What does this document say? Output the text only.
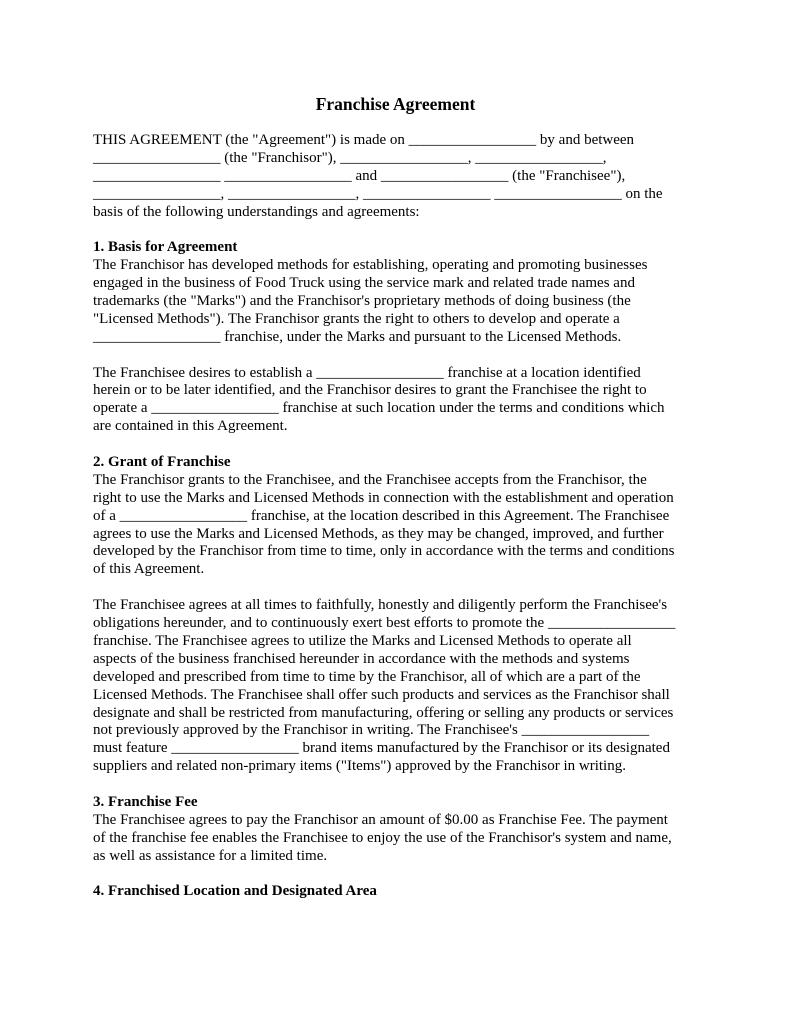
Franchise Agreement
THIS AGREEMENT (the "Agreement") is made on _________________ by and between
_________________ (the "Franchisor"), _________________, _________________,
_________________ _________________ and _________________ (the "Franchisee"),
_________________, _________________, _________________ _________________ on the
basis of the following understandings and agreements:
1. Basis for Agreement
The Franchisor has developed methods for establishing, operating and promoting businesses
engaged in the business of Food Truck using the service mark and related trade names and
trademarks (the "Marks") and the Franchisor's proprietary methods of doing business (the
"Licensed Methods"). The Franchisor grants the right to others to develop and operate a
_________________ franchise, under the Marks and pursuant to the Licensed Methods.
The Franchisee desires to establish a _________________ franchise at a location identified
herein or to be later identified, and the Franchisor desires to grant the Franchisee the right to
operate a _________________ franchise at such location under the terms and conditions which
are contained in this Agreement.
2. Grant of Franchise
The Franchisor grants to the Franchisee, and the Franchisee accepts from the Franchisor, the
right to use the Marks and Licensed Methods in connection with the establishment and operation
of a _________________ franchise, at the location described in this Agreement. The Franchisee
agrees to use the Marks and Licensed Methods, as they may be changed, improved, and further
developed by the Franchisor from time to time, only in accordance with the terms and conditions
of this Agreement.
The Franchisee agrees at all times to faithfully, honestly and diligently perform the Franchisee's
obligations hereunder, and to continuously exert best efforts to promote the _________________
franchise. The Franchisee agrees to utilize the Marks and Licensed Methods to operate all
aspects of the business franchised hereunder in accordance with the methods and systems
developed and prescribed from time to time by the Franchisor, all of which are a part of the
Licensed Methods. The Franchisee shall offer such products and services as the Franchisor shall
designate and shall be restricted from manufacturing, offering or selling any products or services
not previously approved by the Franchisor in writing. The Franchisee's _________________
must feature _________________ brand items manufactured by the Franchisor or its designated
suppliers and related non-primary items ("Items") approved by the Franchisor in writing.
3. Franchise Fee
The Franchisee agrees to pay the Franchisor an amount of $0.00 as Franchise Fee. The payment
of the franchise fee enables the Franchisee to enjoy the use of the Franchisor's system and name,
as well as assistance for a limited time.
4. Franchised Location and Designated Area
